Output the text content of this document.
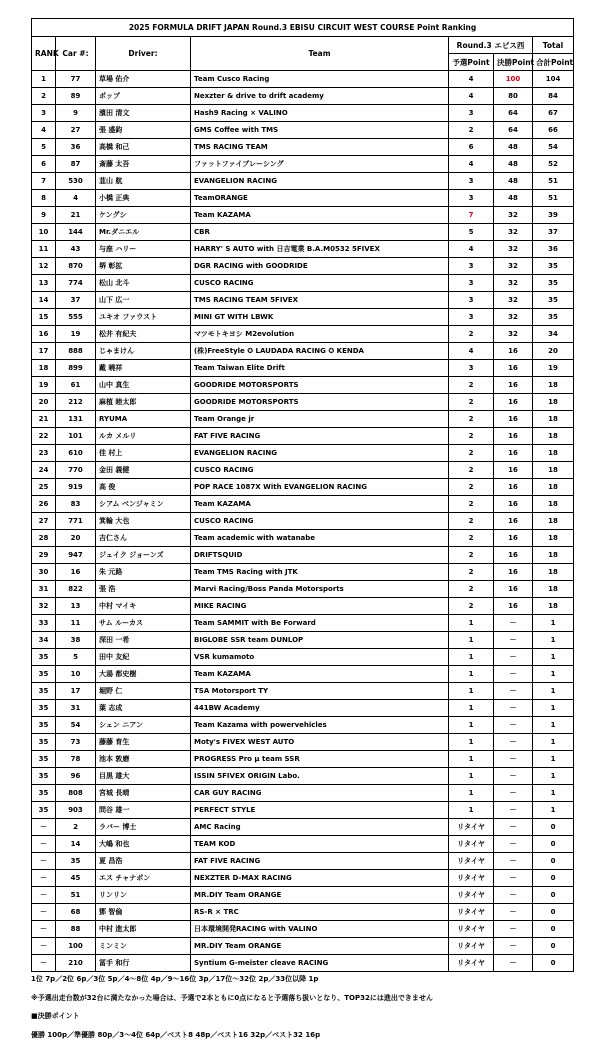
2025 FORMULA DRIFT JAPAN Round.3 EBISU CIRCUIT WEST COURSE Point Ranking						
RANK	Car #:	Driver:	Team	Round.3 エビス西		Total
				予選Point	決勝Point	合計Point
1	77	草場 佑介	Team Cusco Racing	4	100	104
2	89	ポップ	Nexzter & drive to drift academy	4	80	84
3	9	濱田 清文	Hash9 Racing × VALINO	3	64	67
4	27	張 盛鈞	GMS Coffee with TMS	2	64	66
5	36	高橋 和己	TMS RACING TEAM	6	48	54
6	87	斎藤 太吾	ファットファイブレーシング	4	48	52
7	530	韮山 航	EVANGELION RACING	3	48	51
8	4	小橋 正典	TeamORANGE	3	48	51
9	21	ケングシ	Team KAZAMA	7	32	39
10	144	Mr.ダニエル	CBR	5	32	37
11	43	与座 ハリー	HARRY' S AUTO with 日吉電業 B.A.M0532 5FIVEX	4	32	36
12	870	堺 彰拡	DGR RACING with GOODRIDE	3	32	35
13	774	松山 北斗	CUSCO RACING	3	32	35
14	37	山下 広一	TMS RACING TEAM 5FIVEX	3	32	35
15	555	ユキオ ファウスト	MINI GT WITH LBWK	3	32	35
16	19	松井 有紀夫	マツモトキヨシ M2evolution	2	32	34
17	888	じゃまけん	(株)FreeStyle ✪ LAUDADA RACING ✪ KENDA	4	16	20
18	899	戴 曉祥	Team Taiwan Elite Drift	3	16	19
19	61	山中 真生	GOODRIDE MOTORSPORTS	2	16	18
20	212	麻植 睦太郎	GOODRIDE MOTORSPORTS	2	16	18
21	131	RYUMA	Team Orange jr	2	16	18
22	101	ルカ メルリ	FAT FIVE RACING	2	16	18
23	610	佳 村上	EVANGELION RACING	2	16	18
24	770	金田 義健	CUSCO RACING	2	16	18
25	919	高 俊	POP RACE 1087X With EVANGELION RACING	2	16	18
26	83	シアム ベンジャミン	Team KAZAMA	2	16	18
27	771	箕輪 大也	CUSCO RACING	2	16	18
28	20	吉仁さん	Team academic with watanabe	2	16	18
29	947	ジェイク ジョーンズ	DRIFTSQUID	2	16	18
30	16	朱 元路	Team TMS Racing with JTK	2	16	18
31	822	張 浩	Marvi Racing/Boss Panda Motorsports	2	16	18
32	13	中村 マイキ	MIKE RACING	2	16	18
33	11	サム ルーカス	Team SAMMIT with Be Forward	1	－	1
34	38	深田 一希	BIGLOBE SSR team DUNLOP	1	－	1
35	5	田中 友紀	VSR kumamoto	1	－	1
35	10	大湯 都史樹	Team KAZAMA	1	－	1
35	17	堀野 仁	TSA Motorsport TY	1	－	1
35	31	葉 志成	441BW Academy	1	－	1
35	54	シェン ニアン	Team Kazama with powervehicles	1	－	1
35	73	藤藤 育生	Moty's FIVEX WEST AUTO	1	－	1
35	78	池本 敦磨	PROGRESS Pro μ team SSR	1	－	1
35	96	目黒 雄大	ISSIN 5FIVEX ORIGIN Labo.	1	－	1
35	808	宮城 長晴	CAR GUY RACING	1	－	1
35	903	問谷 雄一	PERFECT STYLE	1	－	1
－	2	ラバー 博士	AMC Racing	リタイヤ	－	0
－	14	大嶋 和也	TEAM KOD	リタイヤ	－	0
－	35	夏 昌浩	FAT FIVE RACING	リタイヤ	－	0
－	45	エス チャナポン	NEXZTER D-MAX RACING	リタイヤ	－	0
－	51	リンリン	MR.DIY Team ORANGE	リタイヤ	－	0
－	68	鄧 智倫	RS-R × TRC	リタイヤ	－	0
－	88	中村 進太郎	日本環境開発RACING with VALINO	リタイヤ	－	0
－	100	ミンミン	MR.DIY Team ORANGE	リタイヤ	－	0
－	210	冨手 和行	Syntium G-meister cleave RACING	リタイヤ	－	0
1位 7p／2位 6p／3位 5p／4～8位 4p／9～16位 3p／17位～32位 2p／33位以降 1p
※予選出走台数が32台に満たなかった場合は、予選で2本ともに0点になると予選落ち扱いとなり、TOP32には進出できません
■決勝ポイント
優勝 100p／準優勝 80p／3～4位 64p／ベスト8 48p／ベスト16 32p／ベスト32 16p
